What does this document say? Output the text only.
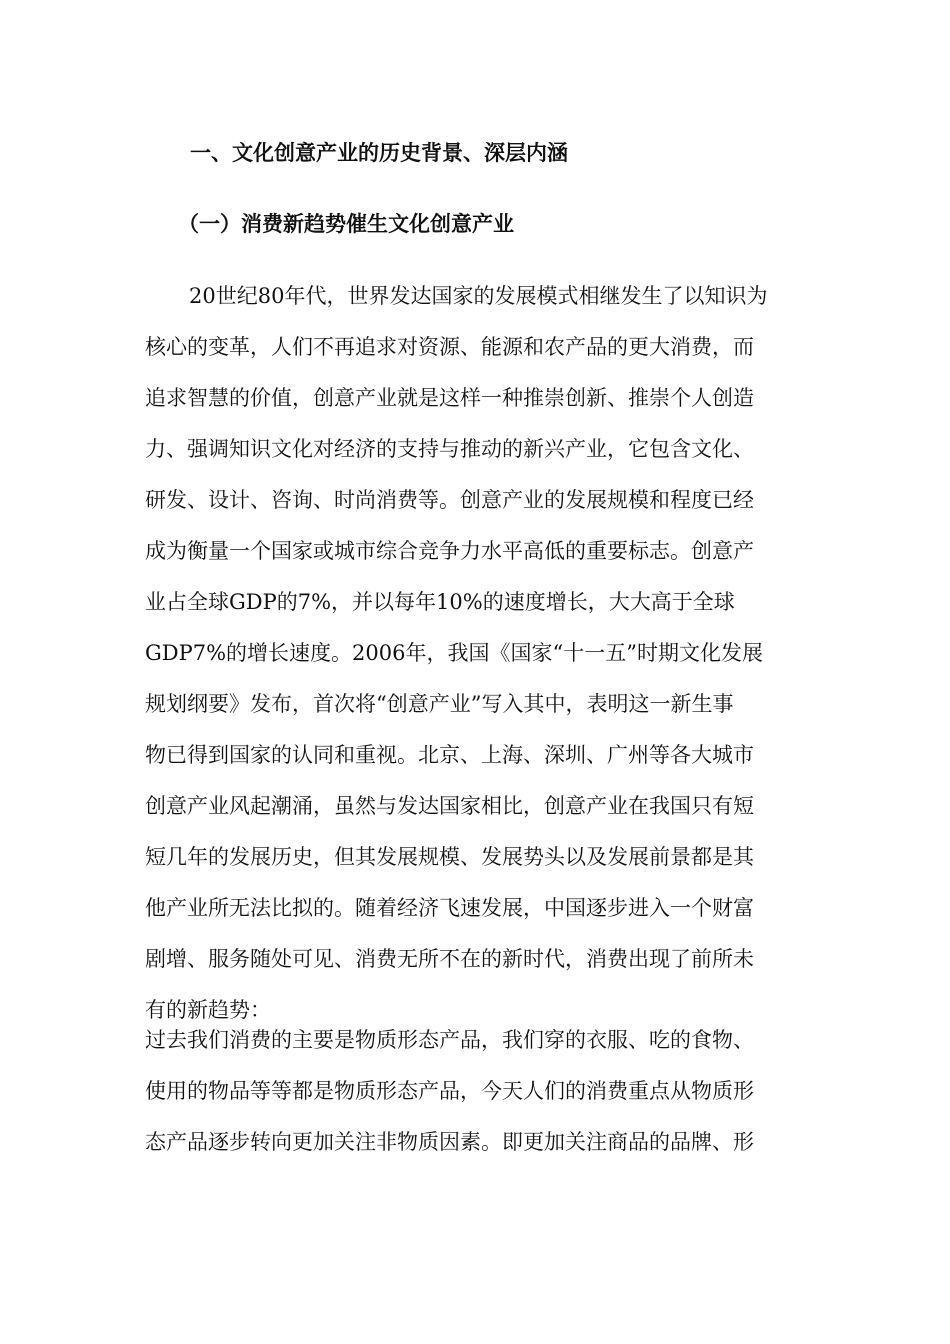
一、文化创意产业的历史背景、深层内涵
（一）消费新趋势催生文化创意产业
20世纪80年代，世界发达国家的发展模式相继发生了以知识为
核心的变革，人们不再追求对资源、能源和农产品的更大消费，而
追求智慧的价值，创意产业就是这样一种推崇创新、推崇个人创造
力、强调知识文化对经济的支持与推动的新兴产业，它包含文化、
研发、设计、咨询、时尚消费等。创意产业的发展规模和程度已经
成为衡量一个国家或城市综合竞争力水平高低的重要标志。创意产
业占全球GDP的7%，并以每年10%的速度增长，大大高于全球
GDP7%的增长速度。2006年，我国《国家“十一五”时期文化发展
规划纲要》发布，首次将“创意产业”写入其中，表明这一新生事
物已得到国家的认同和重视。北京、上海、深圳、广州等各大城市
创意产业风起潮涌，虽然与发达国家相比，创意产业在我国只有短
短几年的发展历史，但其发展规模、发展势头以及发展前景都是其
他产业所无法比拟的。随着经济飞速发展，中国逐步进入一个财富
剧增、服务随处可见、消费无所不在的新时代，消费出现了前所未
有的新趋势：
过去我们消费的主要是物质形态产品，我们穿的衣服、吃的食物、
使用的物品等等都是物质形态产品，今天人们的消费重点从物质形
态产品逐步转向更加关注非物质因素。即更加关注商品的品牌、形
